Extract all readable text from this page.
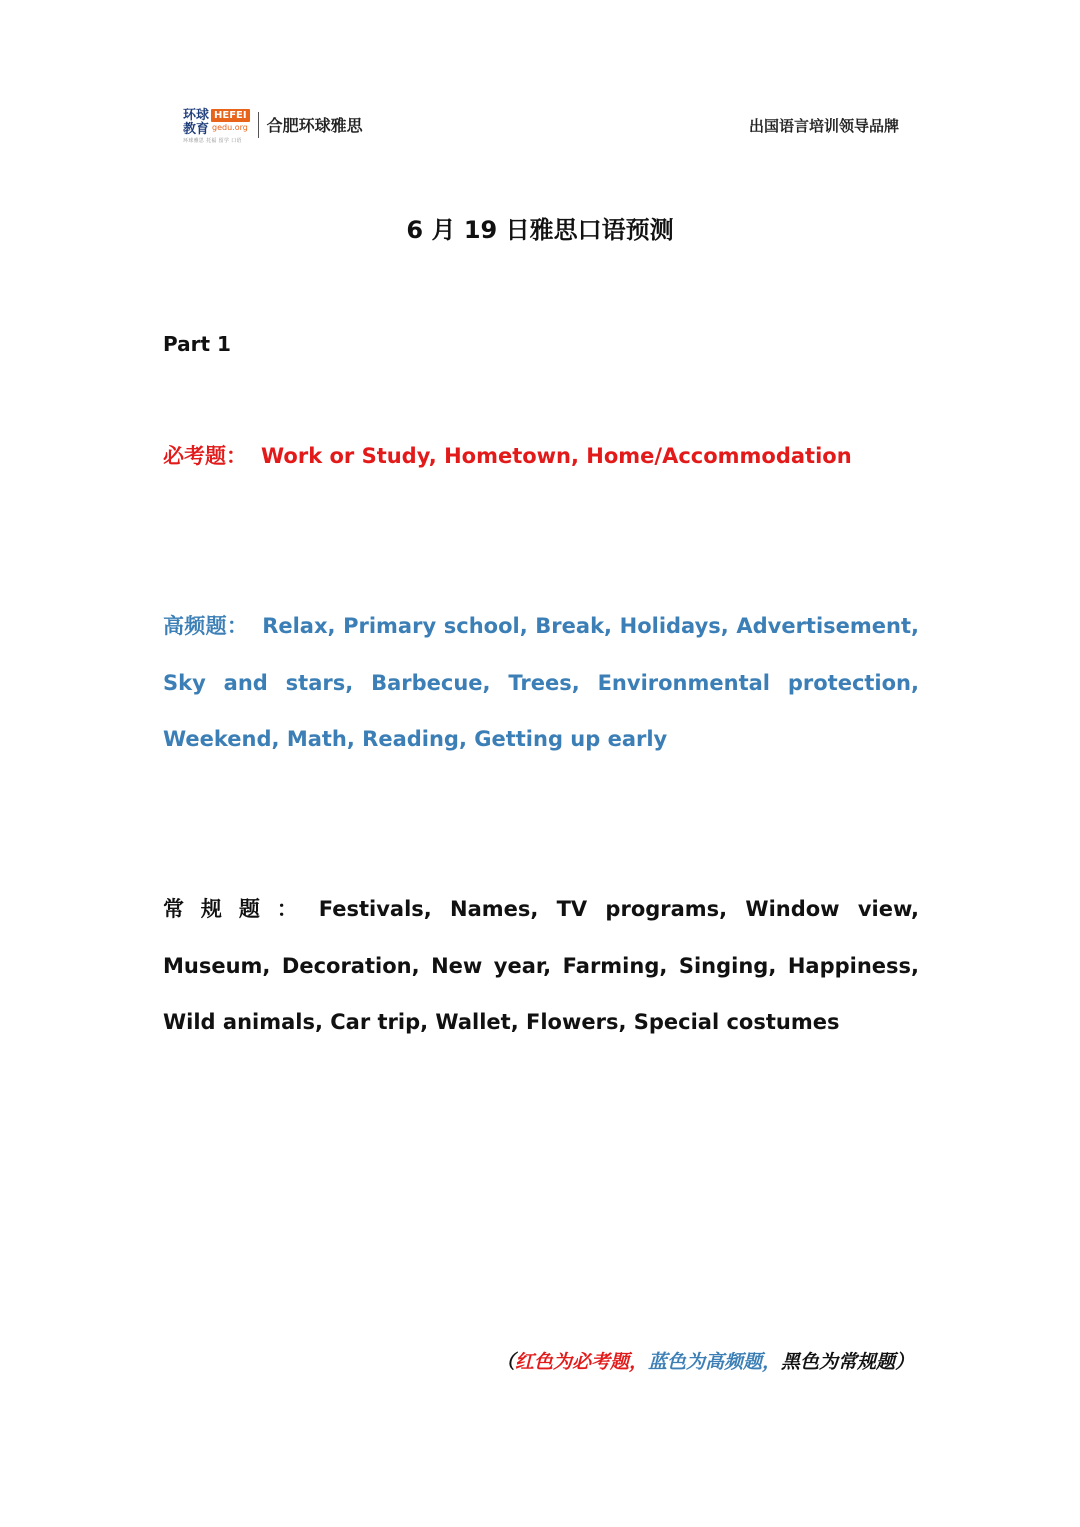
环球
教育
HEFEI
gedu.org 合肥环球雅思
环球雅思 托福 留学 口语
出国语言培训领导品牌
6 月 19 日雅思口语预测
Part 1
必考题： Work or Study, Hometown, Home/Accommodation
高频题： Relax, Primary school, Break, Holidays, Advertisement, Sky and stars, Barbecue, Trees, Environmental protection, Weekend, Math, Reading, Getting up early
常规题： Festivals, Names, TV programs, Window view, Museum, Decoration, New year, Farming, Singing, Happiness, Wild animals, Car trip, Wallet, Flowers, Special costumes
（红色为必考题，蓝色为高频题，黑色为常规题）
